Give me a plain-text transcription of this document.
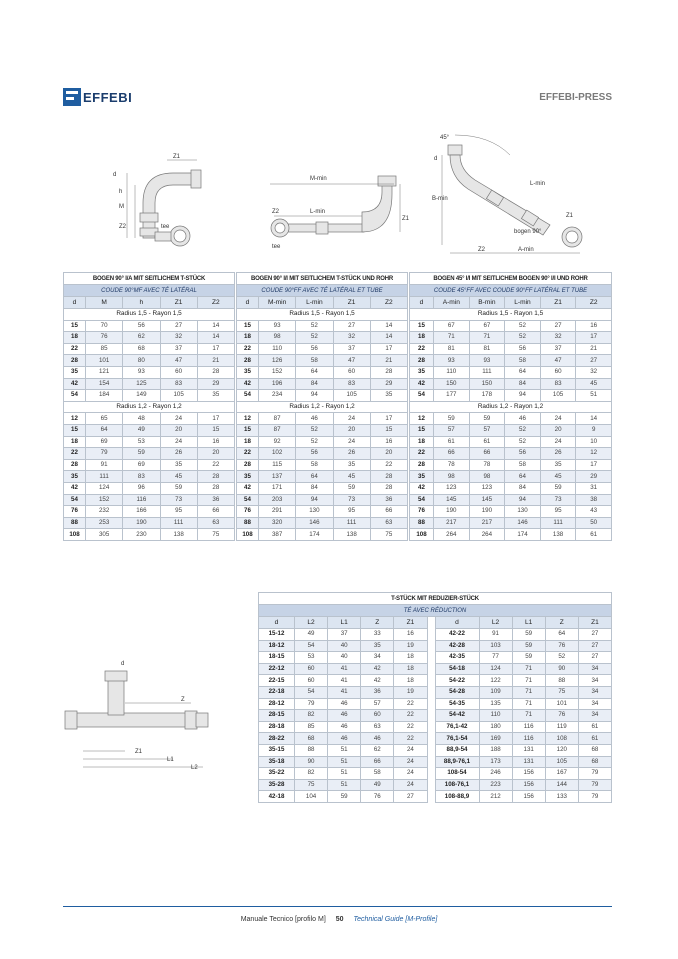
EFFEBI	EFFEBI-PRESS
Z1
d
h
M
Z2	tee
M-min
Z2	L-min
Z1
tee
45°
d
B-min
L-min
Z1
bogen 90°
Z2	A-min
BOGEN 90° I/A MIT SEITLICHEM T-STÜCK				
COUDE 90°MF AVEC TÉ LATÉRAL				
d	M	h	Z1	Z2
Radius 1,5 - Rayon 1,5				
15	70	56	27	14
18	76	62	32	14
22	85	68	37	17
28	101	80	47	21
35	121	93	60	28
42	154	125	83	29
54	184	149	105	35
Radius 1,2 - Rayon 1,2				
12	65	48	24	17
15	64	49	20	15
18	69	53	24	16
22	79	59	26	20
28	91	69	35	22
35	111	83	45	28
42	124	96	59	28
54	152	116	73	36
76	232	166	95	66
88	253	190	111	63
108	305	230	138	75
BOGEN 90° I/I MIT SEITLICHEM T-STÜCK UND ROHR				
COUDE 90°FF AVEC TÉ LATÉRAL ET TUBE				
d	M-min	L-min	Z1	Z2
Radius 1,5 - Rayon 1,5				
15	93	52	27	14
18	98	52	32	14
22	110	56	37	17
28	126	58	47	21
35	152	64	60	28
42	196	84	83	29
54	234	94	105	35
Radius 1,2 - Rayon 1,2				
12	87	46	24	17
15	87	52	20	15
18	92	52	24	16
22	102	56	26	20
28	115	58	35	22
35	137	64	45	28
42	171	84	59	28
54	203	94	73	36
76	291	130	95	66
88	320	146	111	63
108	387	174	138	75
BOGEN 45° I/I MIT SEITLICHEM BOGEN 90° I/I UND ROHR					
COUDE 45°FF AVEC COUDE 90°FF LATÉRAL ET TUBE					
d	A-min	B-min	L-min	Z1	Z2
Radius 1,5 - Rayon 1,5					
15	67	67	52	27	16
18	71	71	52	32	17
22	81	81	56	37	21
28	93	93	58	47	27
35	110	111	64	60	32
42	150	150	84	83	45
54	177	178	94	105	51
Radius 1,2 - Rayon 1,2					
12	59	59	46	24	14
15	57	57	52	20	9
18	61	61	52	24	10
22	66	66	56	26	12
28	78	78	58	35	17
35	98	98	64	45	29
42	123	123	84	59	31
54	145	145	94	73	38
76	190	190	130	95	43
88	217	217	146	111	50
108	264	264	174	138	61
d
Z
Z1
L1
L2
T-STÜCK MIT REDUZIER-STÜCK										
TÉ AVEC RÉDUCTION										
d	L2	L1	Z	Z1		d	L2	L1	Z	Z1
15-12	49	37	33	16		42-22	91	59	64	27
18-12	54	40	35	19		42-28	103	59	76	27
18-15	53	40	34	18		42-35	77	59	52	27
22-12	60	41	42	18		54-18	124	71	90	34
22-15	60	41	42	18		54-22	122	71	88	34
22-18	54	41	36	19		54-28	109	71	75	34
28-12	79	46	57	22		54-35	135	71	101	34
28-15	82	46	60	22		54-42	110	71	76	34
28-18	85	46	63	22		76,1-42	180	116	119	61
28-22	68	46	46	22		76,1-54	169	116	108	61
35-15	88	51	62	24		88,9-54	188	131	120	68
35-18	90	51	66	24		88,9-76,1	173	131	105	68
35-22	82	51	58	24		108-54	246	156	167	79
35-28	75	51	49	24		108-76,1	223	156	144	79
42-18	104	59	76	27		108-88,9	212	156	133	79
Manuale Tecnico [profilo M] 50 Technical Guide [M-Profile]
